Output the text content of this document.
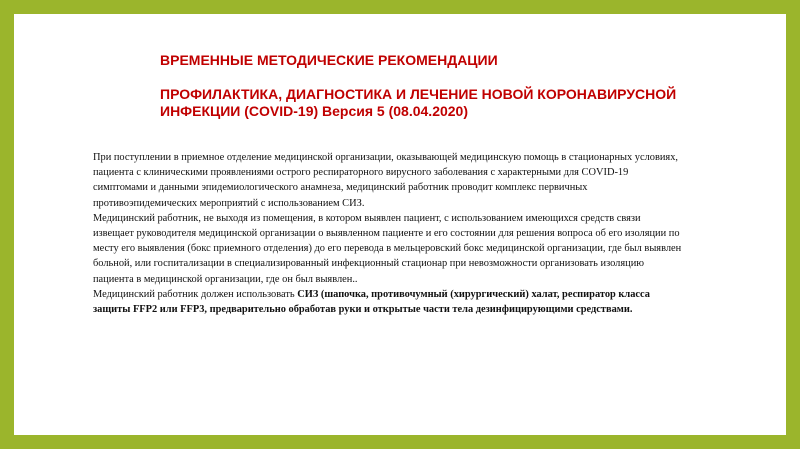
ВРЕМЕННЫЕ МЕТОДИЧЕСКИЕ РЕКОМЕНДАЦИИ
ПРОФИЛАКТИКА, ДИАГНОСТИКА И ЛЕЧЕНИЕ НОВОЙ КОРОНАВИРУСНОЙ ИНФЕКЦИИ (COVID-19) Версия 5 (08.04.2020)

При поступлении в приемное отделение медицинской организации, оказывающей медицинскую помощь в стационарных условиях, пациента с клиническими проявлениями острого респираторного вирусного заболевания с характерными для COVID-19 симптомами и данными эпидемиологического анамнеза, медицинский работник проводит комплекс первичных противоэпидемических мероприятий с использованием СИЗ.

Медицинский работник, не выходя из помещения, в котором выявлен пациент, с использованием имеющихся средств связи извещает руководителя медицинской организации о выявленном пациенте и его состоянии для решения вопроса об его изоляции по месту его выявления (бокс приемного отделения) до его перевода в мельцеровский бокс медицинской организации, где был выявлен больной, или госпитализации в специализированный инфекционный стационар при невозможности организовать изоляцию пациента в медицинской организации, где он был выявлен..

Медицинский работник должен использовать СИЗ (шапочка, противочумный (хирургический) халат, респиратор класса защиты FFP2 или FFP3, предварительно обработав руки и открытые части тела дезинфицирующими средствами.
